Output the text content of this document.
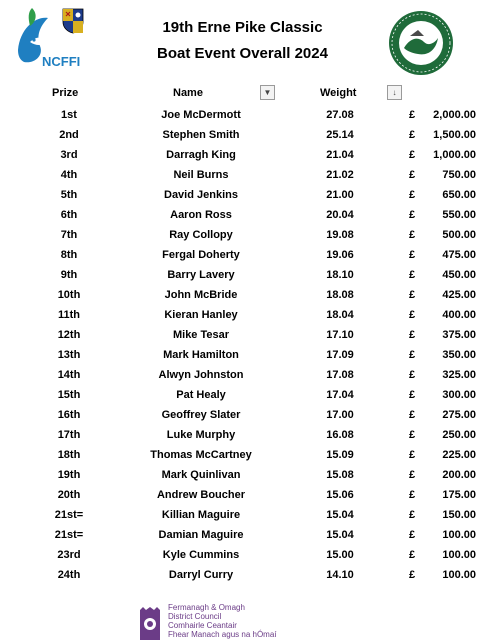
NCFFI
19th Erne Pike Classic
Boat Event Overall 2024
Prize	Name	▼	Weight	↓
1st	Joe McDermott	27.08	£	2,000.00
2nd	Stephen Smith	25.14	£	1,500.00
3rd	Darragh King	21.04	£	1,000.00
4th	Neil Burns	21.02	£	750.00
5th	David Jenkins	21.00	£	650.00
6th	Aaron Ross	20.04	£	550.00
7th	Ray Collopy	19.08	£	500.00
8th	Fergal Doherty	19.06	£	475.00
9th	Barry Lavery	18.10	£	450.00
10th	John McBride	18.08	£	425.00
11th	Kieran Hanley	18.04	£	400.00
12th	Mike Tesar	17.10	£	375.00
13th	Mark Hamilton	17.09	£	350.00
14th	Alwyn Johnston	17.08	£	325.00
15th	Pat Healy	17.04	£	300.00
16th	Geoffrey Slater	17.00	£	275.00
17th	Luke Murphy	16.08	£	250.00
18th	Thomas McCartney	15.09	£	225.00
19th	Mark Quinlivan	15.08	£	200.00
20th	Andrew Boucher	15.06	£	175.00
21st=	Killian Maguire	15.04	£	150.00
21st=	Damian Maguire	15.04	£	100.00
23rd	Kyle Cummins	15.00	£	100.00
24th	Darryl Curry	14.10	£	100.00
Fermanagh & Omagh
District Council
Comhairle Ceantair
Fhear Manach agus na hÓmaí
